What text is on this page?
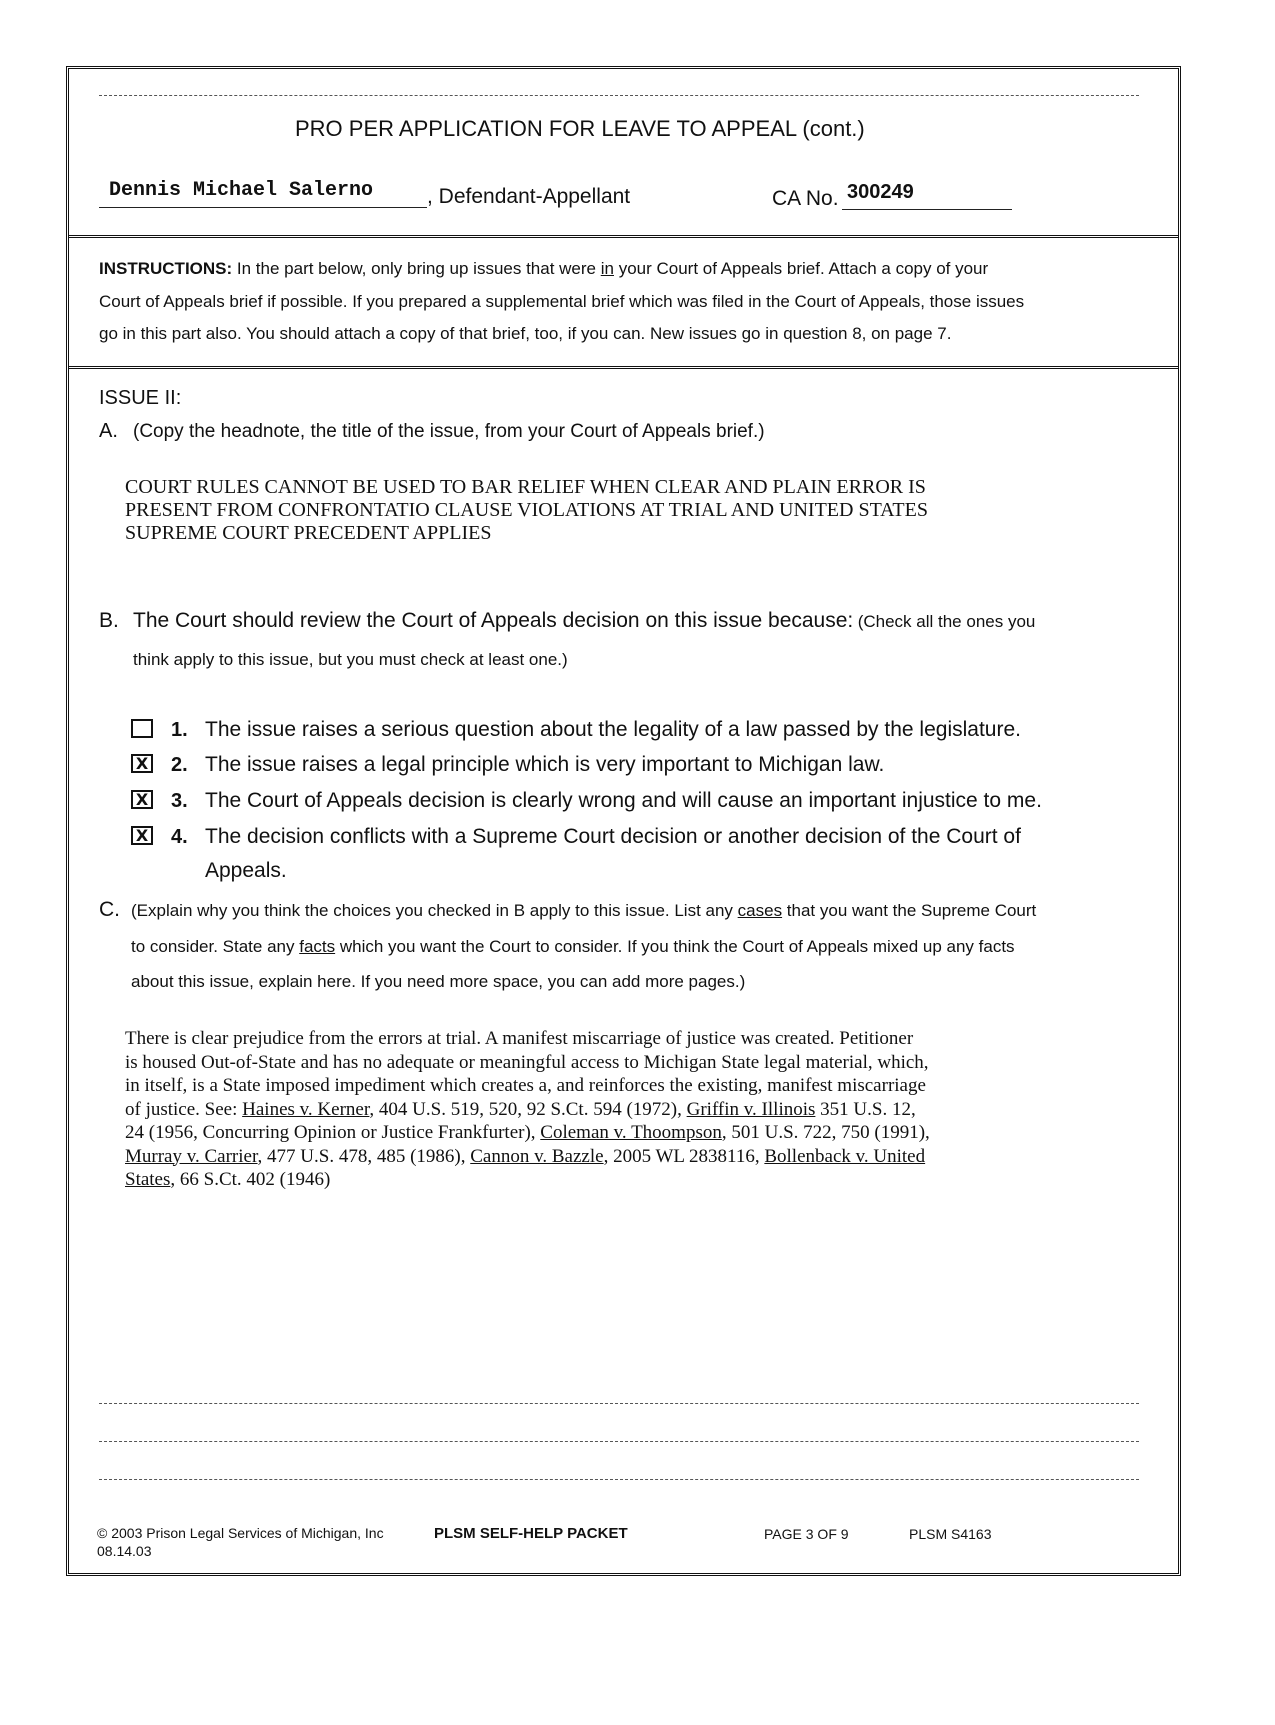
PRO PER APPLICATION FOR LEAVE TO APPEAL (cont.)
Dennis Michael Salerno	, Defendant-Appellant	CA No. 300249
INSTRUCTIONS: In the part below, only bring up issues that were in your Court of Appeals brief. Attach a copy of your
Court of Appeals brief if possible. If you prepared a supplemental brief which was filed in the Court of Appeals, those issues
go in this part also. You should attach a copy of that brief, too, if you can. New issues go in question 8, on page 7.
ISSUE II:
A. (Copy the headnote, the title of the issue, from your Court of Appeals brief.)
COURT RULES CANNOT BE USED TO BAR RELIEF WHEN CLEAR AND PLAIN ERROR IS
PRESENT FROM CONFRONTATIO CLAUSE VIOLATIONS AT TRIAL AND UNITED STATES
SUPREME COURT PRECEDENT APPLIES
B. The Court should review the Court of Appeals decision on this issue because: (Check all the ones you
think apply to this issue, but you must check at least one.)
1. The issue raises a serious question about the legality of a law passed by the legislature.
X 2. The issue raises a legal principle which is very important to Michigan law.
X 3. The Court of Appeals decision is clearly wrong and will cause an important injustice to me.
X 4. The decision conflicts with a Supreme Court decision or another decision of the Court of
Appeals.
C. (Explain why you think the choices you checked in B apply to this issue. List any cases that you want the Supreme Court
to consider. State any facts which you want the Court to consider. If you think the Court of Appeals mixed up any facts
about this issue, explain here. If you need more space, you can add more pages.)
There is clear prejudice from the errors at trial. A manifest miscarriage of justice was created. Petitioner
is housed Out-of-State and has no adequate or meaningful access to Michigan State legal material, which,
in itself, is a State imposed impediment which creates a, and reinforces the existing, manifest miscarriage
of justice. See: Haines v. Kerner, 404 U.S. 519, 520, 92 S.Ct. 594 (1972), Griffin v. Illinois 351 U.S. 12,
24 (1956, Concurring Opinion or Justice Frankfurter), Coleman v. Thoompson, 501 U.S. 722, 750 (1991),
Murray v. Carrier, 477 U.S. 478, 485 (1986), Cannon v. Bazzle, 2005 WL 2838116, Bollenback v. United
States, 66 S.Ct. 402 (1946)
© 2003 Prison Legal Services of Michigan, Inc
08.14.03
PLSM SELF-HELP PACKET	PAGE 3 OF 9	PLSM S4163
